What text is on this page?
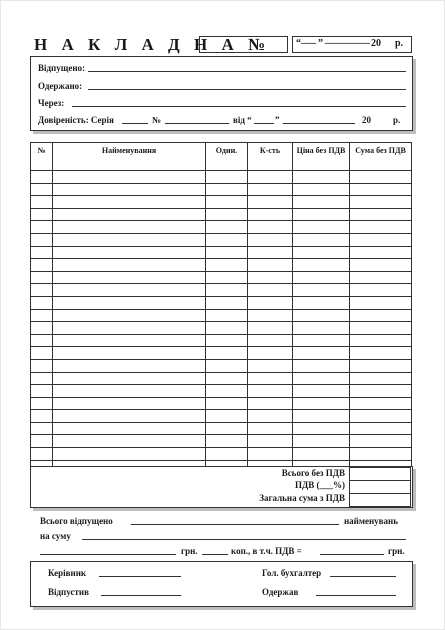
Н А К Л А Д Н А №	“ ___ ” _________ 20 р.
Відпущено:
Одержано:
Через:
Довіреність: Серія	№	від “	”	20 р.
№	Найменування	Один.	К-сть	Ціна без ПДВ	Сума без ПДВ

Всього без ПДВ
ПДВ (___%)
Загальна сума з ПДВ
Всього відпущено	найменувань
на суму
грн.	коп., в т.ч. ПДВ =	грн.
Керівник	Гол. бухгалтер
Відпустив	Одержав
